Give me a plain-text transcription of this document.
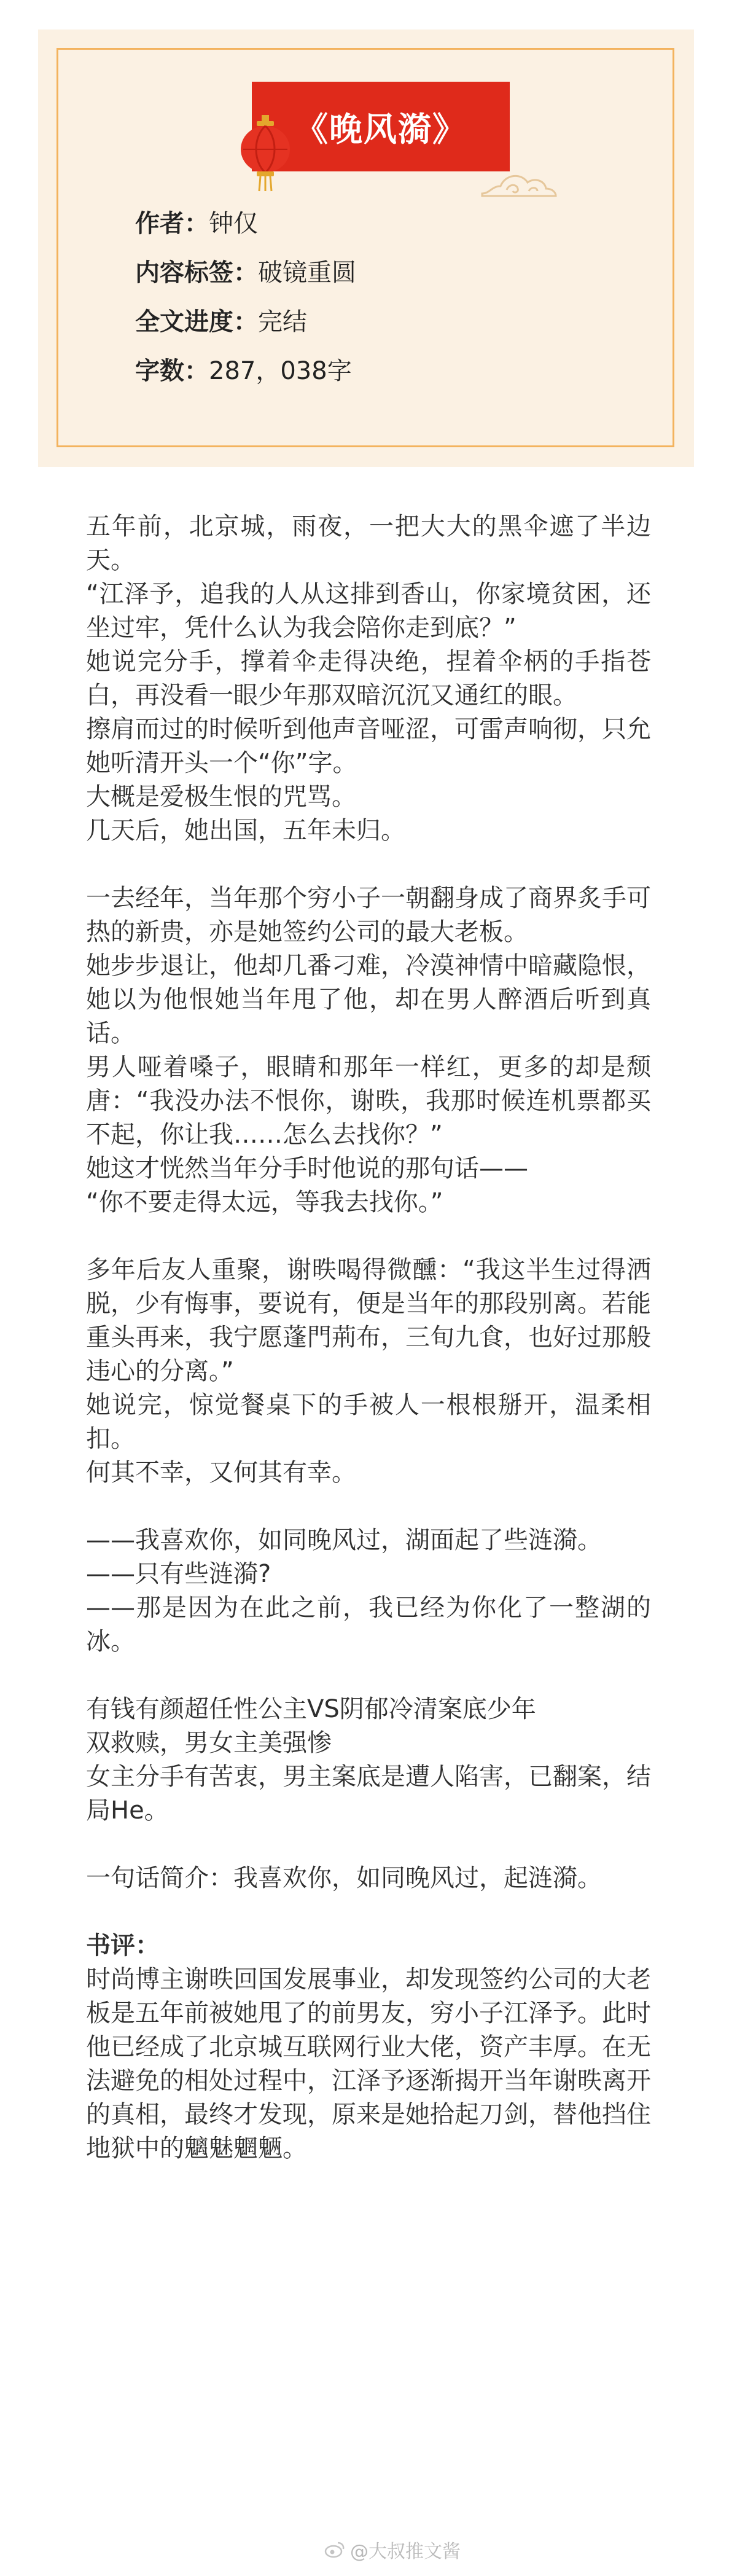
《晚风漪》
作者：钟仅
内容标签：破镜重圆
全文进度：完结
字数：287，038字

五年前，北京城，雨夜，一把大大的黑伞遮了半边天。

“江泽予，追我的人从这排到香山，你家境贫困，还坐过牢，凭什么认为我会陪你走到底？”

她说完分手，撑着伞走得决绝，捏着伞柄的手指苍白，再没看一眼少年那双暗沉沉又通红的眼。

擦肩而过的时候听到他声音哑涩，可雷声响彻，只允她听清开头一个“你”字。

大概是爱极生恨的咒骂。

几天后，她出国，五年未归。

一去经年，当年那个穷小子一朝翻身成了商界炙手可热的新贵，亦是她签约公司的最大老板。

她步步退让，他却几番刁难，冷漠神情中暗藏隐恨，她以为他恨她当年甩了他，却在男人醉酒后听到真话。

男人哑着嗓子，眼睛和那年一样红，更多的却是颓唐：“我没办法不恨你，谢昳，我那时候连机票都买不起，你让我……怎么去找你？”

她这才恍然当年分手时他说的那句话——

“你不要走得太远，等我去找你。”

多年后友人重聚，谢昳喝得微醺：“我这半生过得洒脱，少有悔事，要说有，便是当年的那段别离。若能重头再来，我宁愿蓬門荊布，三旬九食，也好过那般违心的分离。”

她说完，惊觉餐桌下的手被人一根根掰开，温柔相扣。

何其不幸，又何其有幸。

——我喜欢你，如同晚风过，湖面起了些涟漪。

——只有些涟漪?

——那是因为在此之前，我已经为你化了一整湖的冰。

有钱有颜超任性公主VS阴郁冷清案底少年

双救赎，男女主美强惨

女主分手有苦衷，男主案底是遭人陷害，已翻案，结局He。

一句话简介：我喜欢你，如同晚风过，起涟漪。

书评：

时尚博主谢昳回国发展事业，却发现签约公司的大老板是五年前被她甩了的前男友，穷小子江泽予。此时他已经成了北京城互联网行业大佬，资产丰厚。在无法避免的相处过程中，江泽予逐渐揭开当年谢昳离开的真相，最终才发现，原来是她拾起刀剑，替他挡住地狱中的魑魅魍魉。

@大叔推文酱
